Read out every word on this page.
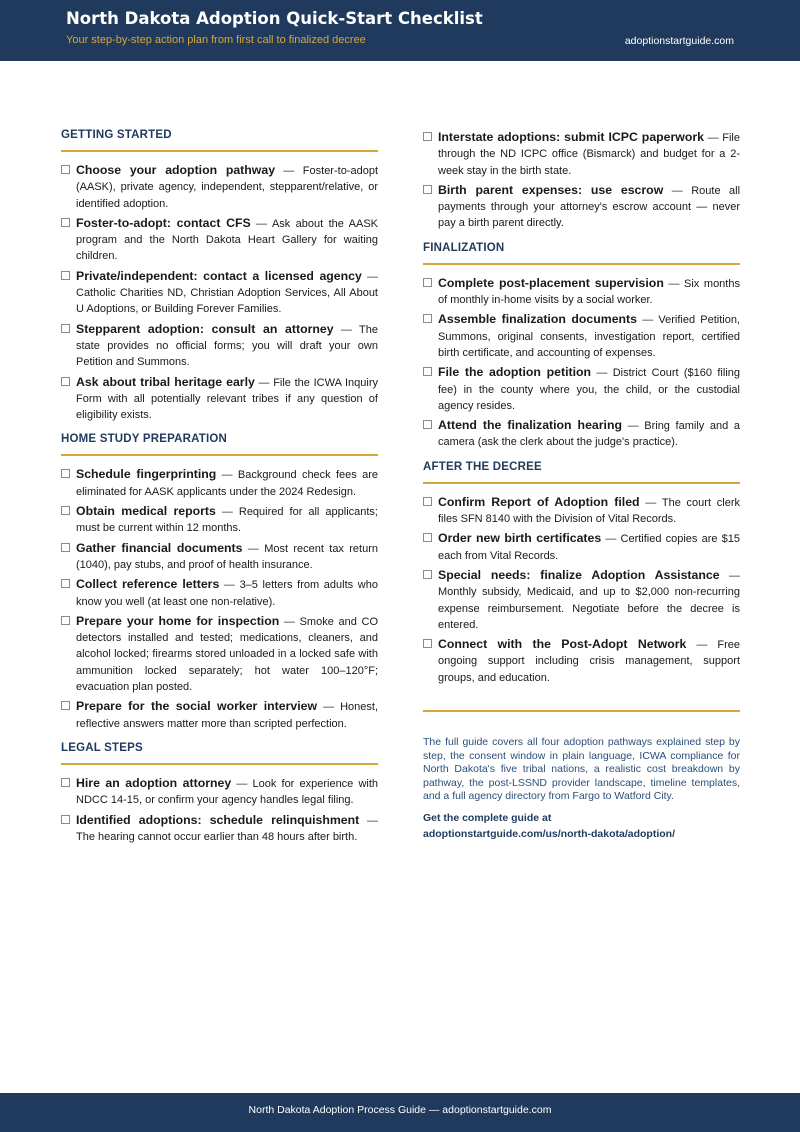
North Dakota Adoption Quick-Start Checklist
Your step-by-step action plan from first call to finalized decree	adoptionstartguide.com
GETTING STARTED
Choose your adoption pathway — Foster-to-adopt (AASK), private agency, independent, stepparent/relative, or identified adoption.
Foster-to-adopt: contact CFS — Ask about the AASK program and the North Dakota Heart Gallery for waiting children.
Private/independent: contact a licensed agency — Catholic Charities ND, Christian Adoption Services, All About U Adoptions, or Building Forever Families.
Stepparent adoption: consult an attorney — The state provides no official forms; you will draft your own Petition and Summons.
Ask about tribal heritage early — File the ICWA Inquiry Form with all potentially relevant tribes if any question of eligibility exists.
HOME STUDY PREPARATION
Schedule fingerprinting — Background check fees are eliminated for AASK applicants under the 2024 Redesign.
Obtain medical reports — Required for all applicants; must be current within 12 months.
Gather financial documents — Most recent tax return (1040), pay stubs, and proof of health insurance.
Collect reference letters — 3–5 letters from adults who know you well (at least one non-relative).
Prepare your home for inspection — Smoke and CO detectors installed and tested; medications, cleaners, and alcohol locked; firearms stored unloaded in a locked safe with ammunition locked separately; hot water 100–120°F; evacuation plan posted.
Prepare for the social worker interview — Honest, reflective answers matter more than scripted perfection.
LEGAL STEPS
Hire an adoption attorney — Look for experience with NDCC 14-15, or confirm your agency handles legal filing.
Identified adoptions: schedule relinquishment — The hearing cannot occur earlier than 48 hours after birth.
Interstate adoptions: submit ICPC paperwork — File through the ND ICPC office (Bismarck) and budget for a 2-week stay in the birth state.
Birth parent expenses: use escrow — Route all payments through your attorney's escrow account — never pay a birth parent directly.
FINALIZATION
Complete post-placement supervision — Six months of monthly in-home visits by a social worker.
Assemble finalization documents — Verified Petition, Summons, original consents, investigation report, certified birth certificate, and accounting of expenses.
File the adoption petition — District Court ($160 filing fee) in the county where you, the child, or the custodial agency resides.
Attend the finalization hearing — Bring family and a camera (ask the clerk about the judge's practice).
AFTER THE DECREE
Confirm Report of Adoption filed — The court clerk files SFN 8140 with the Division of Vital Records.
Order new birth certificates — Certified copies are $15 each from Vital Records.
Special needs: finalize Adoption Assistance — Monthly subsidy, Medicaid, and up to $2,000 non-recurring expense reimbursement. Negotiate before the decree is entered.
Connect with the Post-Adopt Network — Free ongoing support including crisis management, support groups, and education.
The full guide covers all four adoption pathways explained step by step, the consent window in plain language, ICWA compliance for North Dakota's five tribal nations, a realistic cost breakdown by pathway, the post-LSSND provider landscape, timeline templates, and a full agency directory from Fargo to Watford City.
Get the complete guide at
adoptionstartguide.com/us/north-dakota/adoption/
North Dakota Adoption Process Guide — adoptionstartguide.com
